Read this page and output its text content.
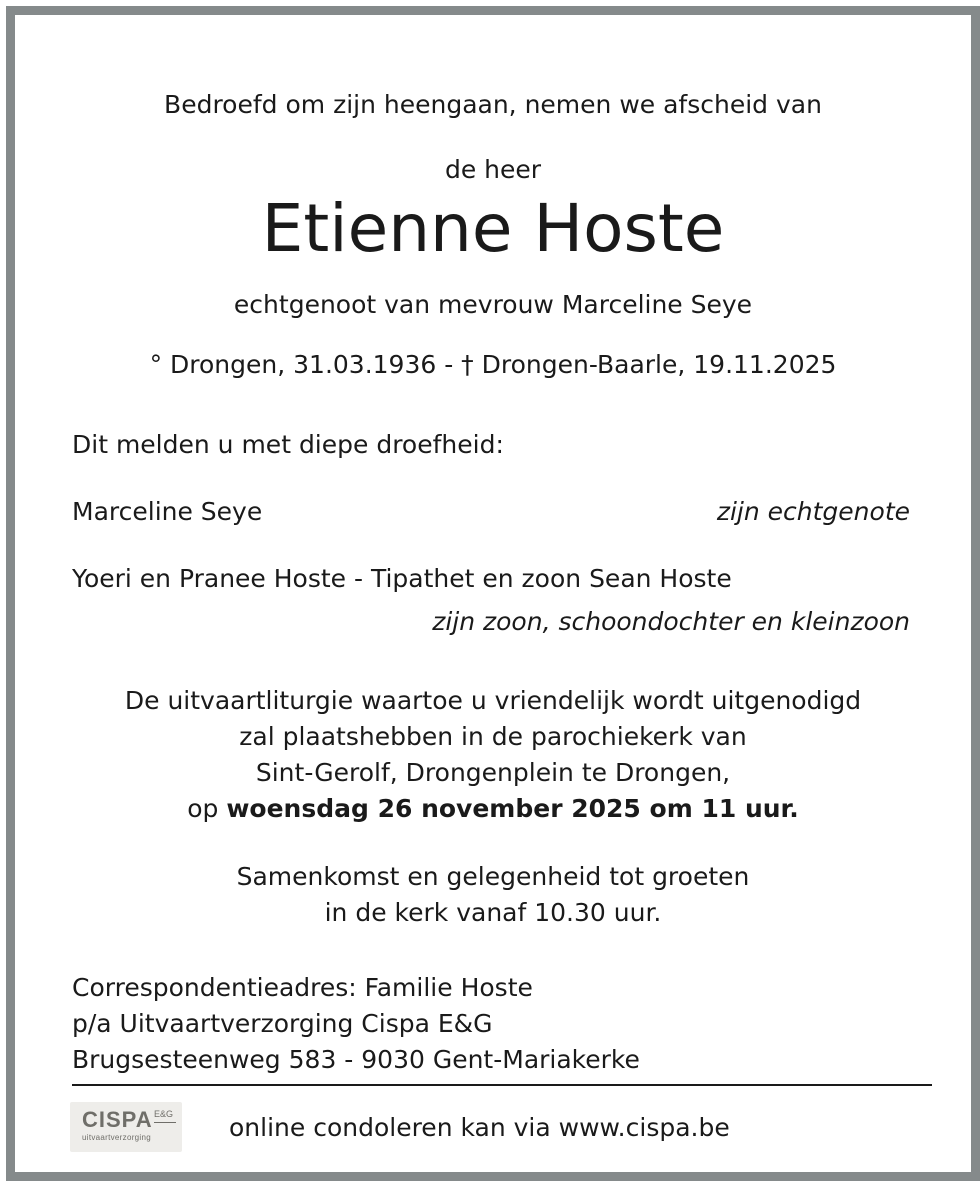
Bedroefd om zijn heengaan, nemen we afscheid van
de heer
Etienne Hoste
echtgenoot van mevrouw Marceline Seye
° Drongen, 31.03.1936 - † Drongen-Baarle, 19.11.2025
Dit melden u met diepe droefheid:
Marceline Seye	zijn echtgenote
Yoeri en Pranee Hoste - Tipathet en zoon Sean Hoste
zijn zoon, schoondochter en kleinzoon
De uitvaartliturgie waartoe u vriendelijk wordt uitgenodigd
zal plaatshebben in de parochiekerk van
Sint-Gerolf, Drongenplein te Drongen,
op woensdag 26 november 2025 om 11 uur.
Samenkomst en gelegenheid tot groeten
in de kerk vanaf 10.30 uur.
Correspondentieadres: Familie Hoste
p/a Uitvaartverzorging Cispa E&G
Brugsesteenweg 583 - 9030 Gent-Mariakerke
CISPA E&G
uitvaartverzorging	online condoleren kan via www.cispa.be
